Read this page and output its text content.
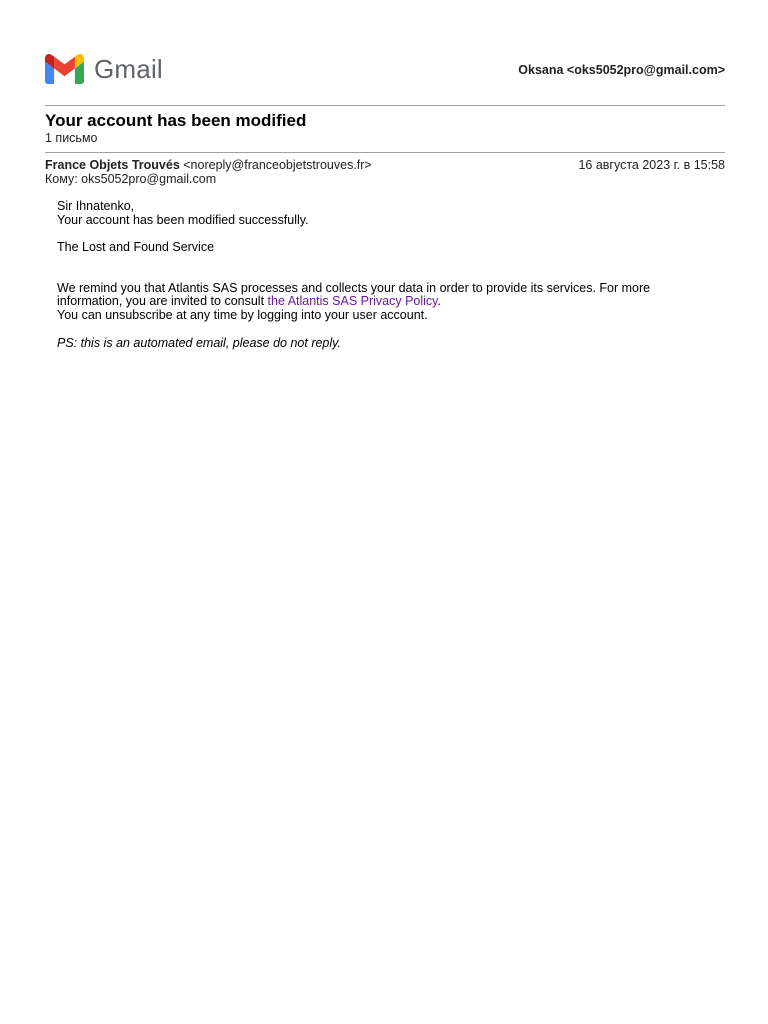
Gmail	Oksana <oks5052pro@gmail.com>
Your account has been modified
1 письмо
France Objets Trouvés <noreply@franceobjetstrouves.fr>	16 августа 2023 г. в 15:58
Кому: oks5052pro@gmail.com

Sir Ihnatenko,

Your account has been modified successfully.

The Lost and Found Service

We remind you that Atlantis SAS processes and collects your data in order to provide its services. For more information, you are invited to consult the Atlantis SAS Privacy Policy.

You can unsubscribe at any time by logging into your user account.

PS: this is an automated email, please do not reply.
